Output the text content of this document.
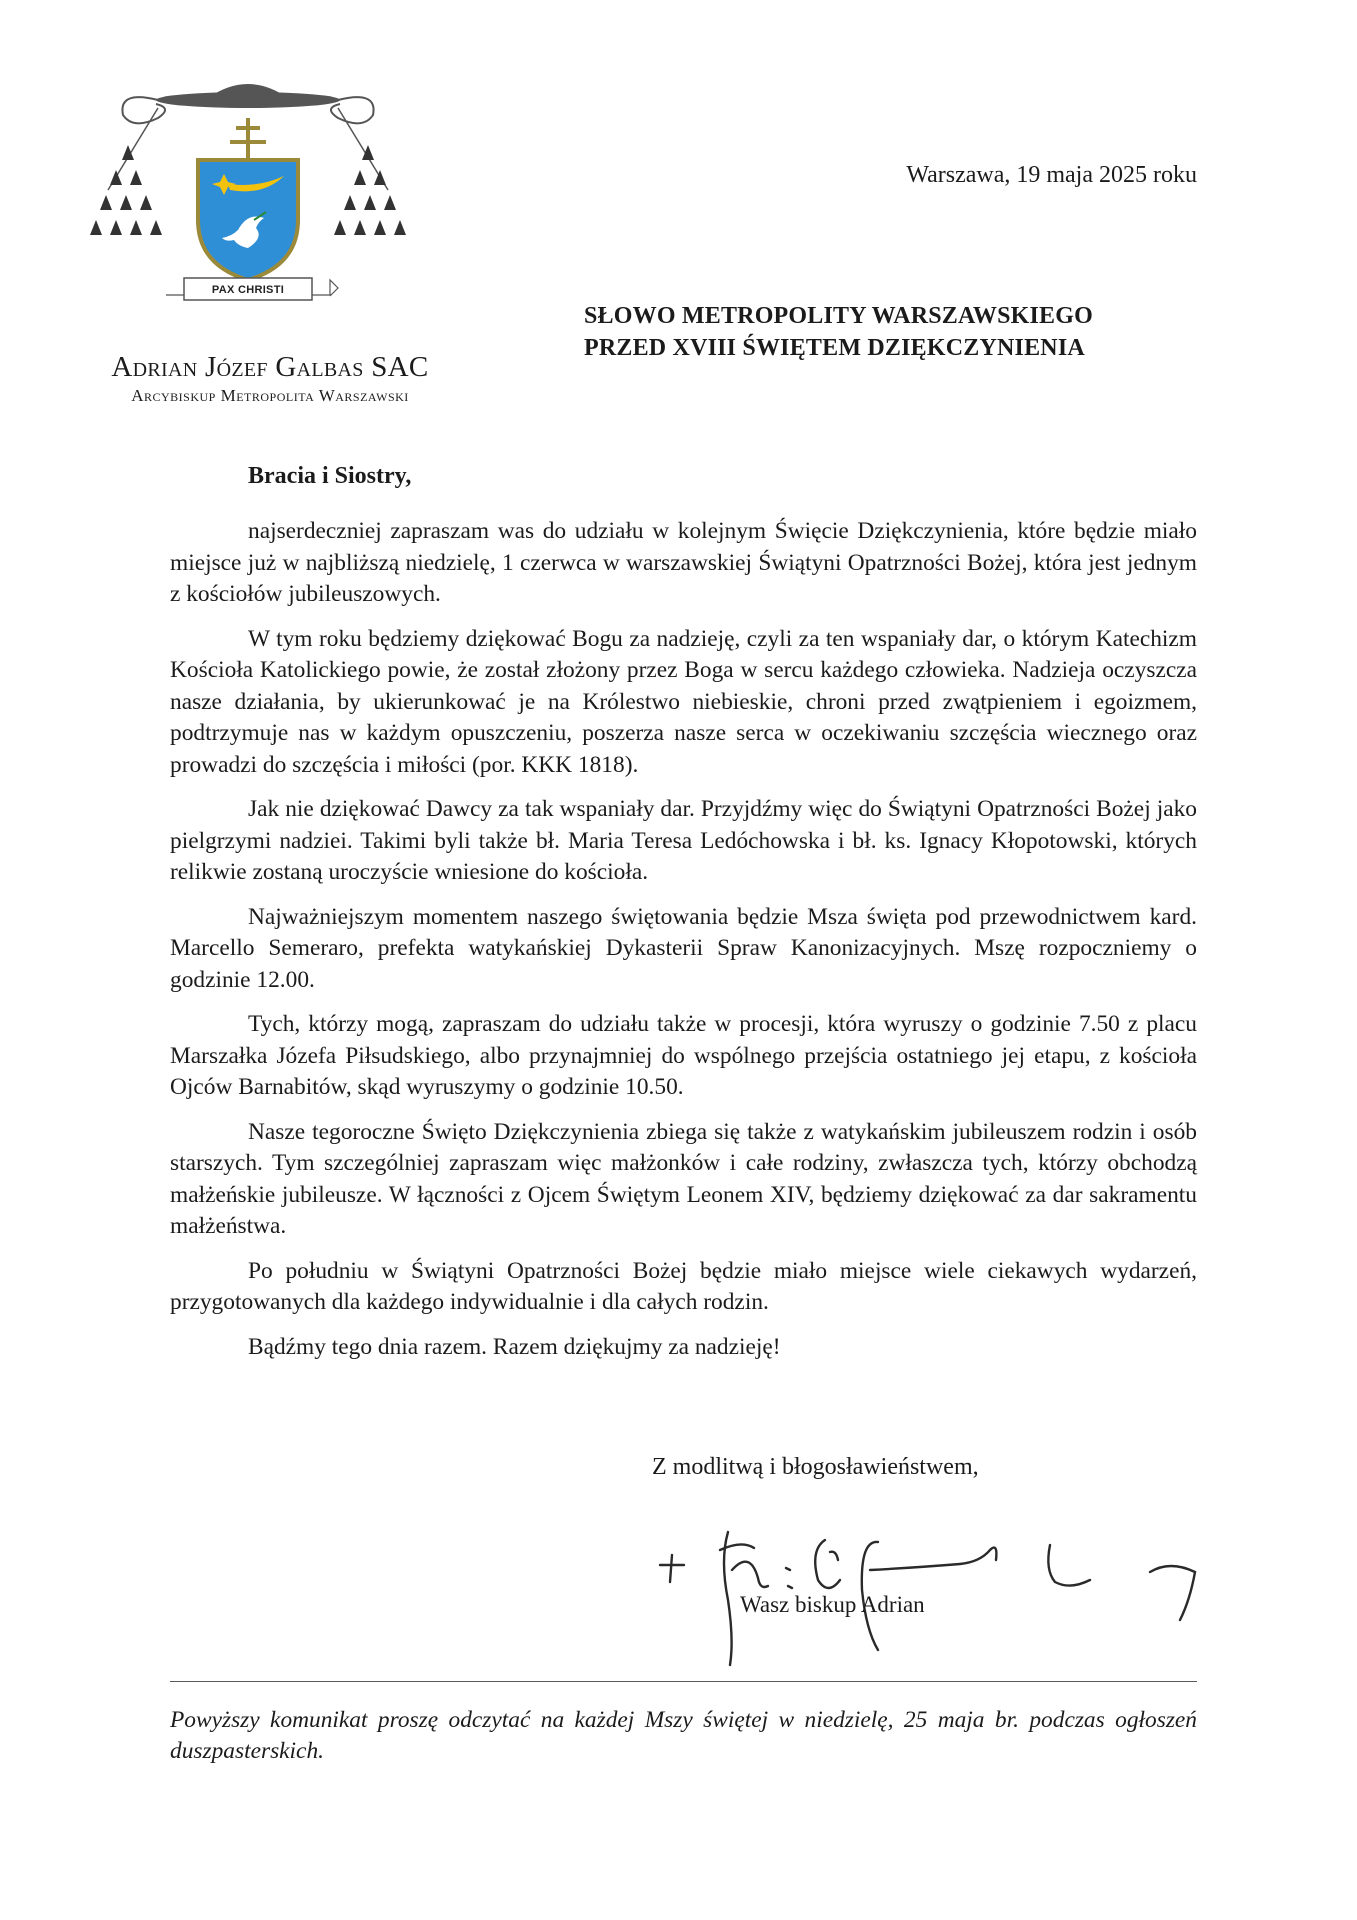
PAX CHRISTI
Adrian Józef Galbas SAC
Arcybiskup Metropolita Warszawski
Warszawa, 19 maja 2025 roku
SŁOWO METROPOLITY WARSZAWSKIEGO
PRZED XVIII ŚWIĘTEM DZIĘKCZYNIENIA
Bracia i Siostry,

najserdeczniej zapraszam was do udziału w kolejnym Święcie Dziękczynienia, które będzie miało miejsce już w najbliższą niedzielę, 1 czerwca w warszawskiej Świątyni Opatrzności Bożej, która jest jednym z kościołów jubileuszowych.

W tym roku będziemy dziękować Bogu za nadzieję, czyli za ten wspaniały dar, o którym Katechizm Kościoła Katolickiego powie, że został złożony przez Boga w sercu każdego człowieka. Nadzieja oczyszcza nasze działania, by ukierunkować je na Królestwo niebieskie, chroni przed zwątpieniem i egoizmem, podtrzymuje nas w każdym opuszczeniu, poszerza nasze serca w oczekiwaniu szczęścia wiecznego oraz prowadzi do szczęścia i miłości (por. KKK 1818).

Jak nie dziękować Dawcy za tak wspaniały dar. Przyjdźmy więc do Świątyni Opatrzności Bożej jako pielgrzymi nadziei. Takimi byli także bł. Maria Teresa Ledóchowska i bł. ks. Ignacy Kłopotowski, których relikwie zostaną uroczyście wniesione do kościoła.

Najważniejszym momentem naszego świętowania będzie Msza święta pod przewodnictwem kard. Marcello Semeraro, prefekta watykańskiej Dykasterii Spraw Kanonizacyjnych. Mszę rozpoczniemy o godzinie 12.00.

Tych, którzy mogą, zapraszam do udziału także w procesji, która wyruszy o godzinie 7.50 z placu Marszałka Józefa Piłsudskiego, albo przynajmniej do wspólnego przejścia ostatniego jej etapu, z kościoła Ojców Barnabitów, skąd wyruszymy o godzinie 10.50.

Nasze tegoroczne Święto Dziękczynienia zbiega się także z watykańskim jubileuszem rodzin i osób starszych. Tym szczególniej zapraszam więc małżonków i całe rodziny, zwłaszcza tych, którzy obchodzą małżeńskie jubileusze. W łączności z Ojcem Świętym Leonem XIV, będziemy dziękować za dar sakramentu małżeństwa.

Po południu w Świątyni Opatrzności Bożej będzie miało miejsce wiele ciekawych wydarzeń, przygotowanych dla każdego indywidualnie i dla całych rodzin.

Bądźmy tego dnia razem. Razem dziękujmy za nadzieję!

Z modlitwą i błogosławieństwem,
Wasz biskup Adrian
Powyższy komunikat proszę odczytać na każdej Mszy świętej w niedzielę, 25 maja br. podczas ogłoszeń duszpasterskich.
